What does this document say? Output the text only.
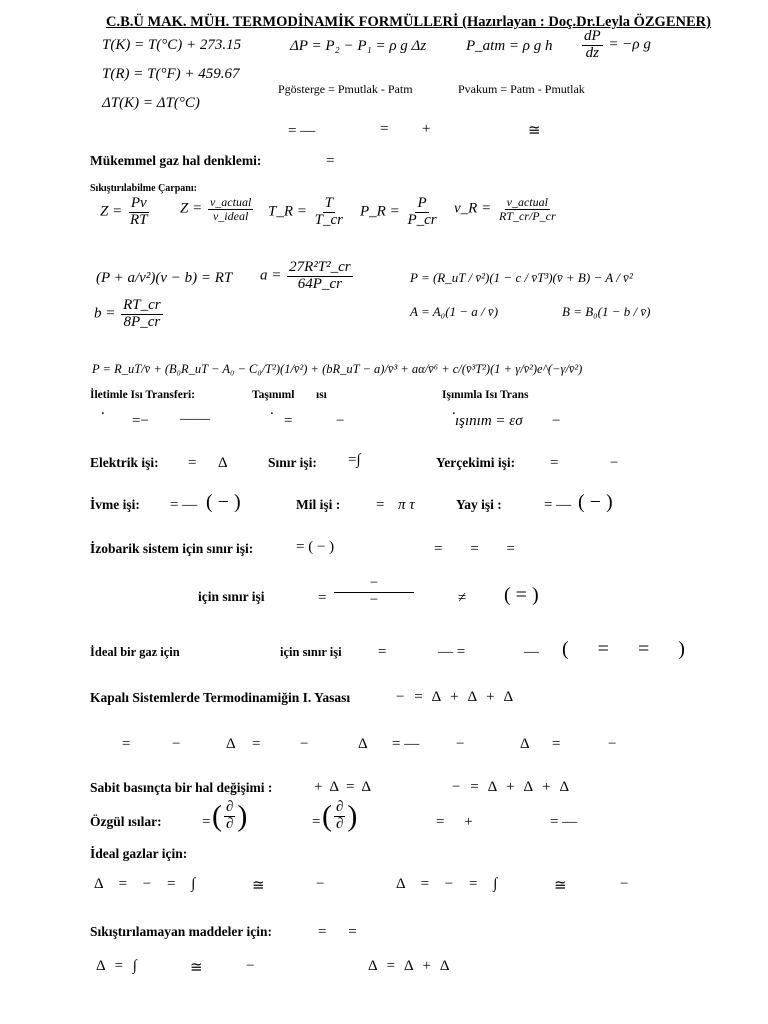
C.B.Ü MAK. MÜH. TERMODİNAMİK FORMÜLLERİ (Hazırlayan : Doç.Dr.Leyla ÖZGENER)
T(K) = T(°C) + 273.15
T(R) = T(°F) + 459.67
ΔT(K) = ΔT(°C)
ΔP = P₂ − P₁ = ρ g Δz	P_atm = ρ g h $\frac{dP}{dz} = -\rho$ g
Pgösterge = Pmutlak - Patm	Pvakum = Patm - Pmutlak
= —	= +	≅
Mükemmel gaz hal denklemi:	=
Sıkıştırılabilme Çarpanı:
$Z = \frac{Pv}{RT}$ $Z = \frac{\text{v\_actual}}{\text{v\_ideal}}$ T_R = $\frac{T}{T\_cr}$ P_R = $\frac{P}{P\_cr}$ v_R = $\frac{\text{v\_actual}}{RT\_cr/P\_cr}$
(P + a/v²)(v − b) = RT $a = \frac{\text{27R²T²\_cr}}{64P\_cr}$
$b = \frac{RT\_cr}{8P\_cr}$
P = (R_uT / v̄²)(1 − c / v̄T³)(v̄ + B) − A / v̄²
A = A₀(1 − a / v̄)	B = B₀(1 − b / v̄)
P = R_uT/v̄ + (B₀R_uT − A₀ − C₀/T²)(1/v̄²) + (bR_uT − a)/v̄³ + aα/v̄⁶ + c/(v̄³T²)(1 + γ/v̄²)e^(−γ/v̄²)
İletimle Isı Transferi:	Taşınıml ısı	Işınımla Isı Trans
.	.	.
=− ——	=	−	ışınım = εσ −
Elektrik işi: = Δ	Sınır işi: =∫	Yerçekimi işi: =	−
İvme işi: = — ( − )	Mil işi : = π τ	Yay işi :	= — ( − )
İzobarik sistem için sınır işi:	= ( − )	= = =
için sınır işi	= $\frac{-}{-}$	≠ ( = )
İdeal bir gaz için	için sınır işi =	— =	— ( = = )
Kapalı Sistemlerde Termodinamiğin I. Yasası	− = Δ + Δ + Δ
=	−	Δ =	−	Δ = — −	Δ =	−
Sabit basınçta bir hal değişimi :	+ Δ = Δ	− = Δ + Δ + Δ
Özgül ısılar:	= ( $\frac{\partial}{\partial}$ )	= ( $\frac{\partial}{\partial}$ )	= +	= —
İdeal gazlar için:
Δ = − = ∫	≅	−	Δ = − = ∫	≅	−
Sıkıştırılamayan maddeler için:	= =
Δ = ∫	≅	−	Δ = Δ + Δ
